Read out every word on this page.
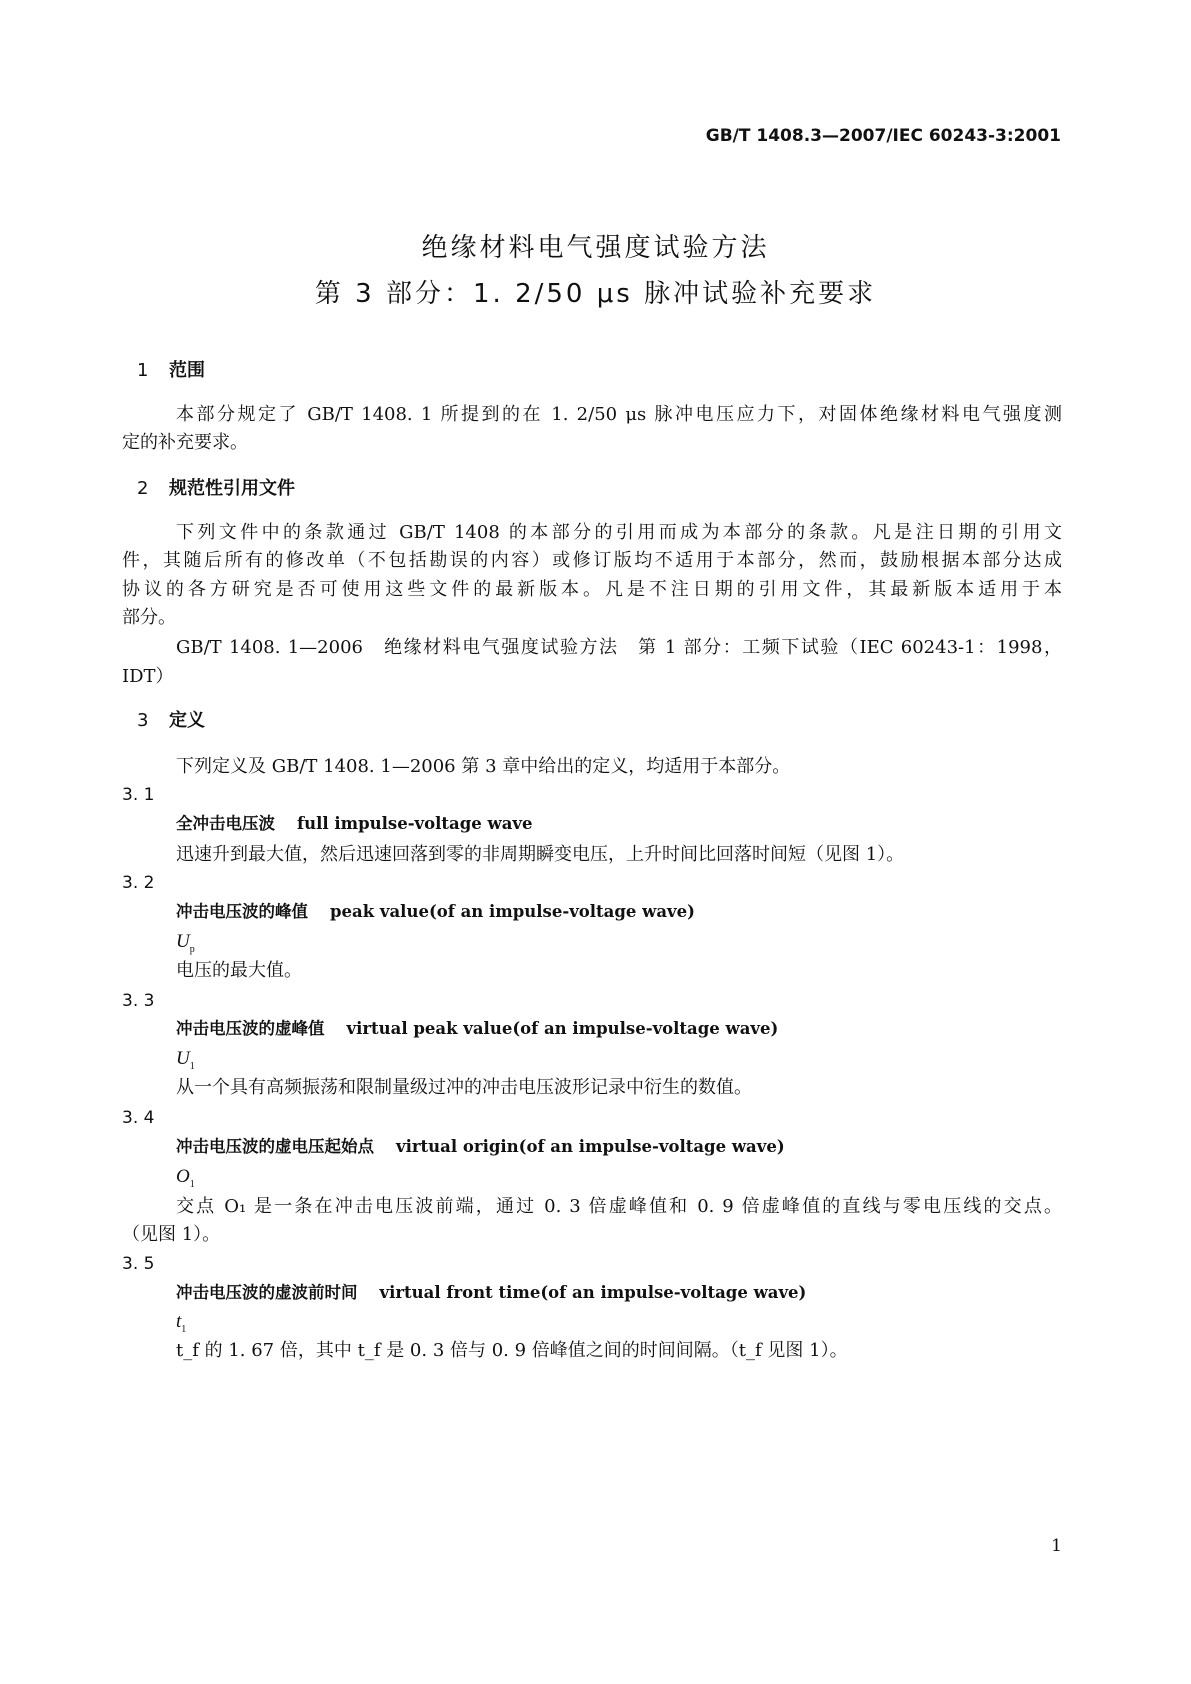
GB/T 1408.3—2007/IEC 60243-3:2001
绝缘材料电气强度试验方法
第 3 部分：1. 2/50 μs 脉冲试验补充要求
1 范围
本部分规定了 GB/T 1408. 1 所提到的在 1. 2/50 μs 脉冲电压应力下，对固体绝缘材料电气强度测
定的补充要求。
2 规范性引用文件
下列文件中的条款通过 GB/T 1408 的本部分的引用而成为本部分的条款。凡是注日期的引用文
件，其随后所有的修改单（不包括勘误的内容）或修订版均不适用于本部分，然而，鼓励根据本部分达成
协议的各方研究是否可使用这些文件的最新版本。凡是不注日期的引用文件，其最新版本适用于本
部分。
GB/T 1408. 1—2006　绝缘材料电气强度试验方法　第 1 部分：工频下试验（IEC 60243-1：1998，
IDT）
3 定义
下列定义及 GB/T 1408. 1—2006 第 3 章中给出的定义，均适用于本部分。
3. 1
全冲击电压波 full impulse-voltage wave
迅速升到最大值，然后迅速回落到零的非周期瞬变电压，上升时间比回落时间短（见图 1）。
3. 2
冲击电压波的峰值 peak value(of an impulse-voltage wave)
$U_p$
电压的最大值。
3. 3
冲击电压波的虚峰值 virtual peak value(of an impulse-voltage wave)
$U_1$
从一个具有高频振荡和限制量级过冲的冲击电压波形记录中衍生的数值。
3. 4
冲击电压波的虚电压起始点 virtual origin(of an impulse-voltage wave)
$O_1$
交点 O₁ 是一条在冲击电压波前端，通过 0. 3 倍虚峰值和 0. 9 倍虚峰值的直线与零电压线的交点。
（见图 1）。
3. 5
冲击电压波的虚波前时间 virtual front time(of an impulse-voltage wave)
$t_1$
t_f 的 1. 67 倍，其中 t_f 是 0. 3 倍与 0. 9 倍峰值之间的时间间隔。（t_f 见图 1）。
1
